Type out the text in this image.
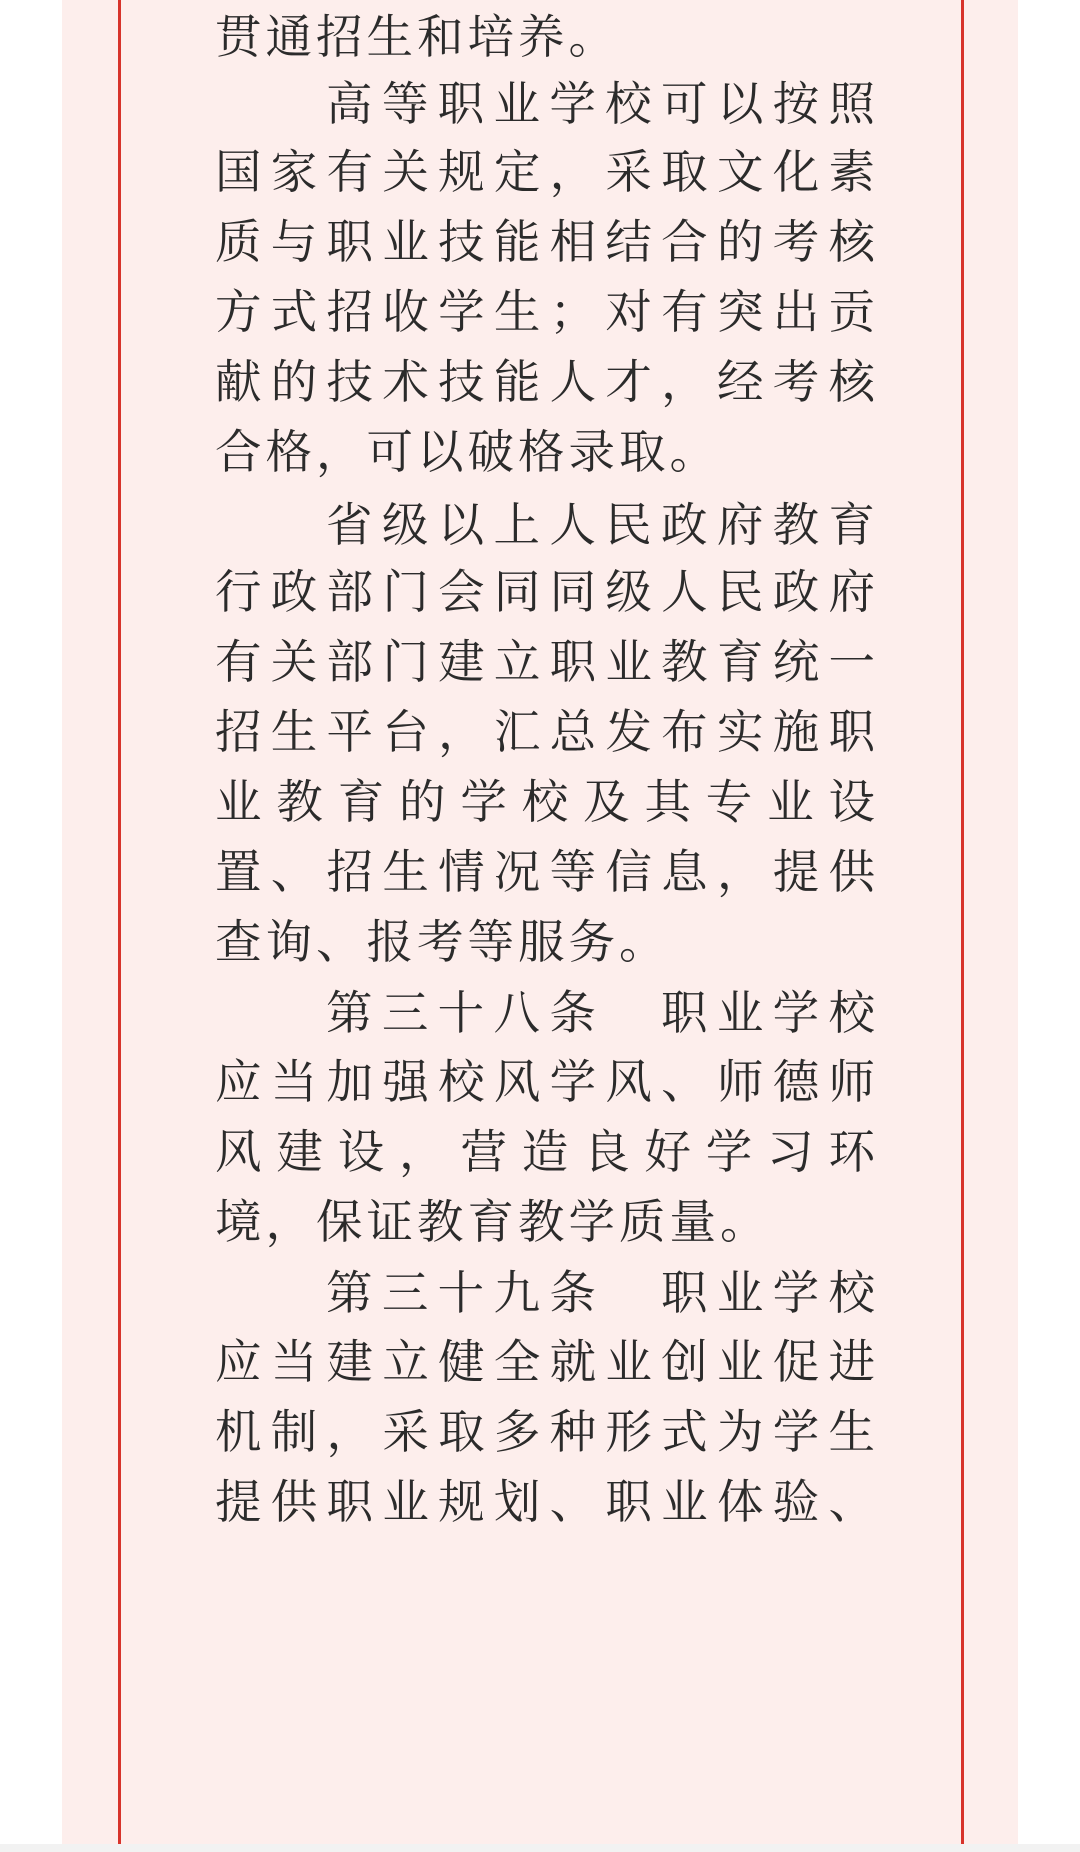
贯通招生和培养。
高等职业学校可以按照
国家有关规定，采取文化素
质与职业技能相结合的考核
方式招收学生；对有突出贡
献的技术技能人才，经考核
合格，可以破格录取。
省级以上人民政府教育
行政部门会同同级人民政府
有关部门建立职业教育统一
招生平台，汇总发布实施职
业教育的学校及其专业设
置、招生情况等信息，提供
查询、报考等服务。
第三十八条　职业学校
应当加强校风学风、师德师
风建设，营造良好学习环
境，保证教育教学质量。
第三十九条　职业学校
应当建立健全就业创业促进
机制，采取多种形式为学生
提供职业规划、职业体验、
